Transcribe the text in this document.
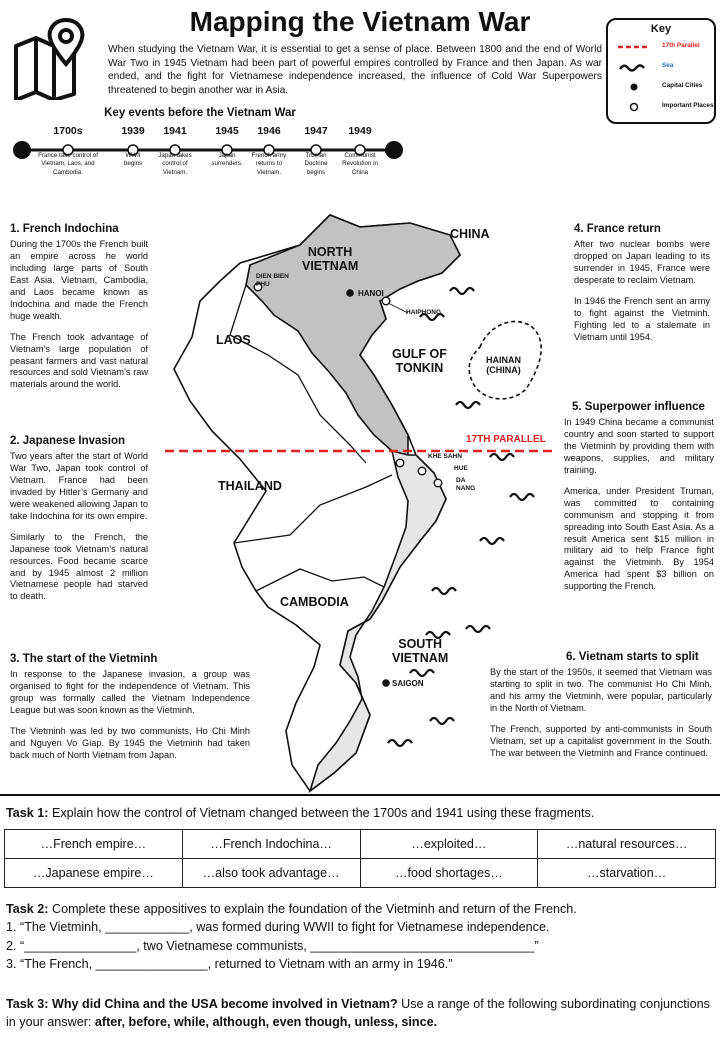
Mapping the Vietnam War

When studying the Vietnam War, it is essential to get a sense of place. Between 1800 and the end of World War Two in 1945 Vietnam had been part of powerful empires controlled by France and then Japan. As war ended, and the fight for Vietnamese independence increased, the influence of Cold War Superpowers threatened to begin another war in Asia.

Key
17th Parallel
Sea
Capital Cities
Important Places
Key events before the Vietnam War
1700s
France take control of Vietnam, Laos, and Cambodia.
1939
WWII begins
1941
Japan takes control of Vietnam.
1945
Japan surrenders.
1946
French army returns to Vietnam.
1947
Truman Doctrine begins
1949
Communist Revolution in China
1. French Indochina

During the 1700s the French built an empire across he world including large parts of South East Asia. Vietnam, Cambodia, and Laos became known as Indochina and made the French huge wealth.

The French took advantage of Vietnam’s large population of peasant farmers and vast natural resources and sold Vietnam’s raw materials around the world.

2. Japanese Invasion

Two years after the start of World War Two, Japan took control of Vietnam. France had been invaded by Hitler’s Germany and were weakened allowing Japan to take Indochina for its own empire.

Similarly to the French, the Japanese took Vietnam’s natural resources. Food became scarce and by 1945 almost 2 million Vietnamese people had starved to death.

3. The start of the Vietminh

In response to the Japanese invasion, a group was organised to fight for the independence of Vietnam. This group was formally called the Vietnam Independence League but was soon known as the Vietminh.

The Vietminh was led by two communists, Ho Chi Minh and Nguyen Vo Giap. By 1945 the Vietminh had taken back much of North Vietnam from Japan.

4. France return

After two nuclear bombs were dropped on Japan leading to its surrender in 1945, France were desperate to reclaim Vietnam.

In 1946 the French sent an army to fight against the Vietminh. Fighting led to a stalemate in Vietnam until 1954.

5. Superpower influence

In 1949 China became a communist country and soon started to support the Vietminh by providing them with weapons, supplies, and military training.

America, under President Truman, was committed to containing communism and stopping it from spreading into South East Asia. As a result America sent $15 million in military aid to help France fight against the Vietminh. By 1954 America had spent $3 billion on supporting the French.

6. Vietnam starts to split

By the start of the 1950s, it seemed that Vietnam was starting to split in two. The communist Ho Chi Minh, and his army the Vietminh, were popular, particularly in the North of Vietnam.

The French, supported by anti-communists in South Vietnam, set up a capitalist government in the South. The war between the Vietminh and France continued.

NORTH
VIETNAM
CHINA
LAOS
GULF OF
TONKIN
HAINAN
(CHINA)
THAILAND
CAMBODIA
SOUTH
VIETNAM
DIEN BIEN
PHU
HANOI
HAIPHONG
KHE SAHN
HUE
DA
NANG
SAIGON
17TH PARALLEL
Task 1: Explain how the control of Vietnam changed between the 1700s and 1941 using these fragments.
…French empire…	…French Indochina…	…exploited…	…natural resources…
…Japanese empire…	…also took advantage…	…food shortages…	…starvation…
Task 2: Complete these appositives to explain the foundation of the Vietminh and return of the French.
1. “The Vietminh, ____________, was formed during WWII to fight for Vietnamese independence.
2. “________________, two Vietnamese communists, ________________________________”
3. “The French, ________________, returned to Vietnam with an army in 1946.”
Task 3: Why did China and the USA become involved in Vietnam? Use a range of the following subordinating conjunctions in your answer: after, before, while, although, even though, unless, since.
